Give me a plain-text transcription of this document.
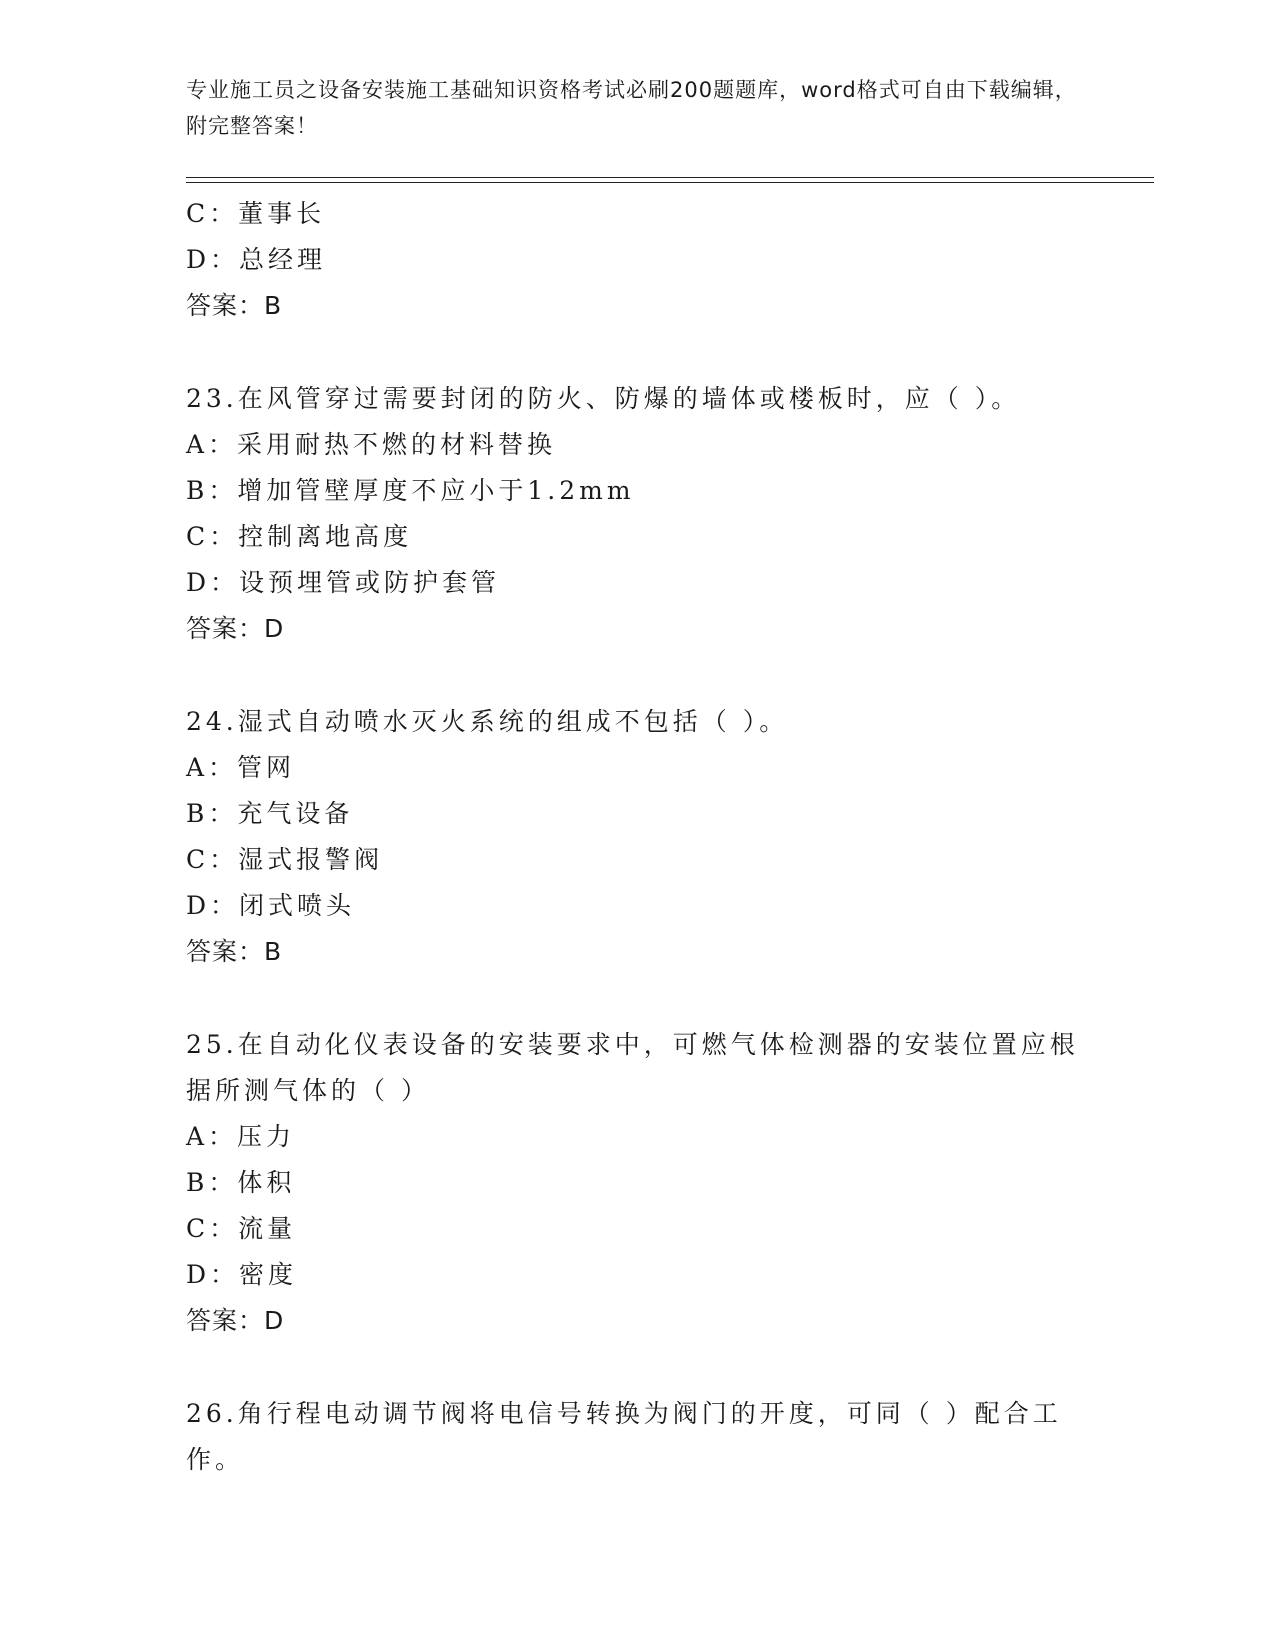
专业施工员之设备安装施工基础知识资格考试必刷200题题库，word格式可自由下载编辑，附完整答案！
C：董事长
D：总经理
答案：B
23.在风管穿过需要封闭的防火、防爆的墙体或楼板时，应（ ）。
A：采用耐热不燃的材料替换
B：增加管壁厚度不应小于1.2mm
C：控制离地高度
D：设预埋管或防护套管
答案：D
24.湿式自动喷水灭火系统的组成不包括（ ）。
A：管网
B：充气设备
C：湿式报警阀
D：闭式喷头
答案：B
25.在自动化仪表设备的安装要求中，可燃气体检测器的安装位置应根据所测气体的（ ）
A：压力
B：体积
C：流量
D：密度
答案：D
26.角行程电动调节阀将电信号转换为阀门的开度，可同（ ）配合工作。
